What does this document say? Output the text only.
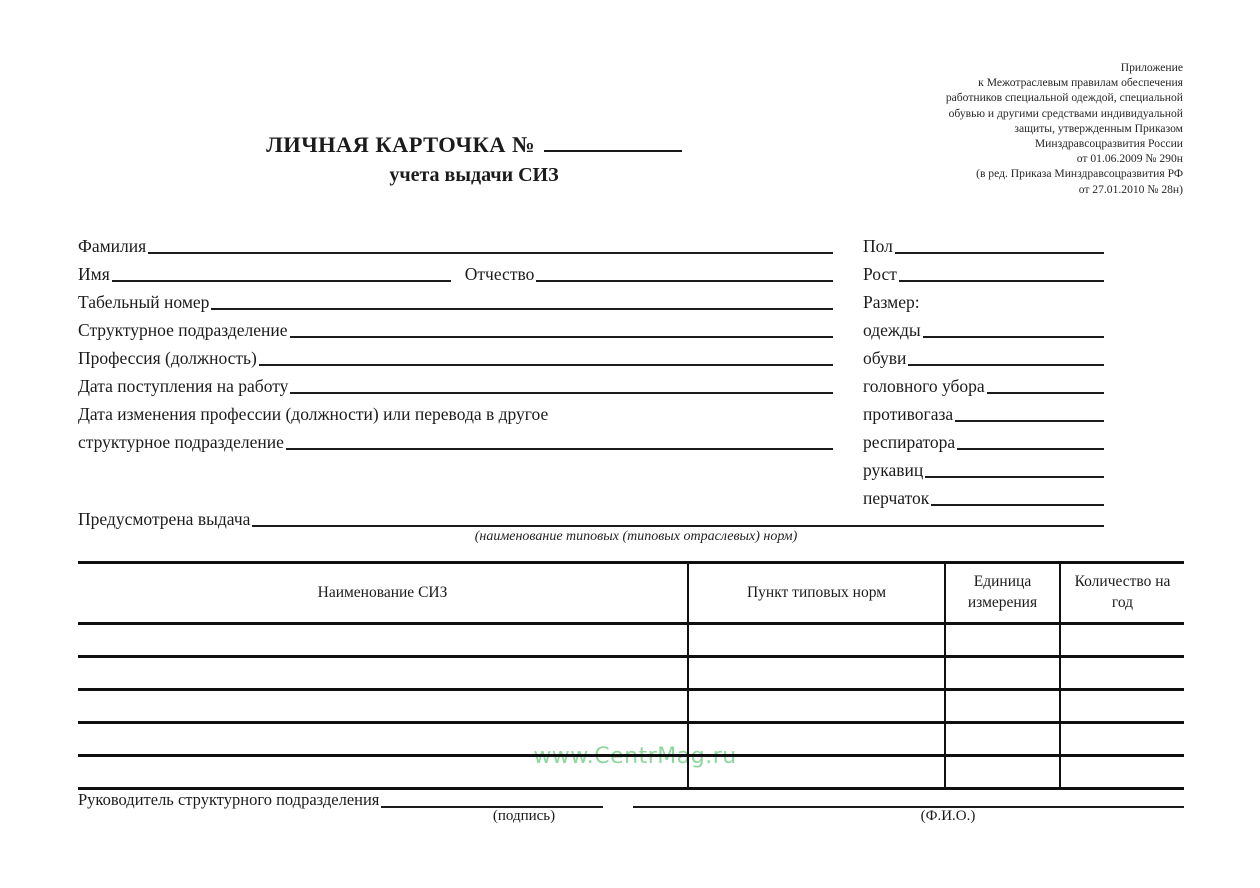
Приложение
к Межотраслевым правилам обеспечения
работников специальной одеждой, специальной
обувью и другими средствами индивидуальной
защиты, утвержденным Приказом
Минздравсоцразвития России
от 01.06.2009 № 290н
(в ред. Приказа Минздравсоцразвития РФ
от 27.01.2010 № 28н)
ЛИЧНАЯ КАРТОЧКА №
учета выдачи СИЗ
Фамилия
Имя	Отчество
Табельный номер
Структурное подразделение
Профессия (должность)
Дата поступления на работу
Дата изменения профессии (должности) или перевода в другое
структурное подразделение
Пол
Рост
Размер:
одежды
обуви
головного убора
противогаза
респиратора
рукавиц
перчаток
Предусмотрена выдача
(наименование типовых (типовых отраслевых) норм)
www.CentrMag.ru
Наименование СИЗ	Пункт типовых норм	Единица измерения	Количество на год

Руководитель структурного подразделения
(подпись)	(Ф.И.О.)
